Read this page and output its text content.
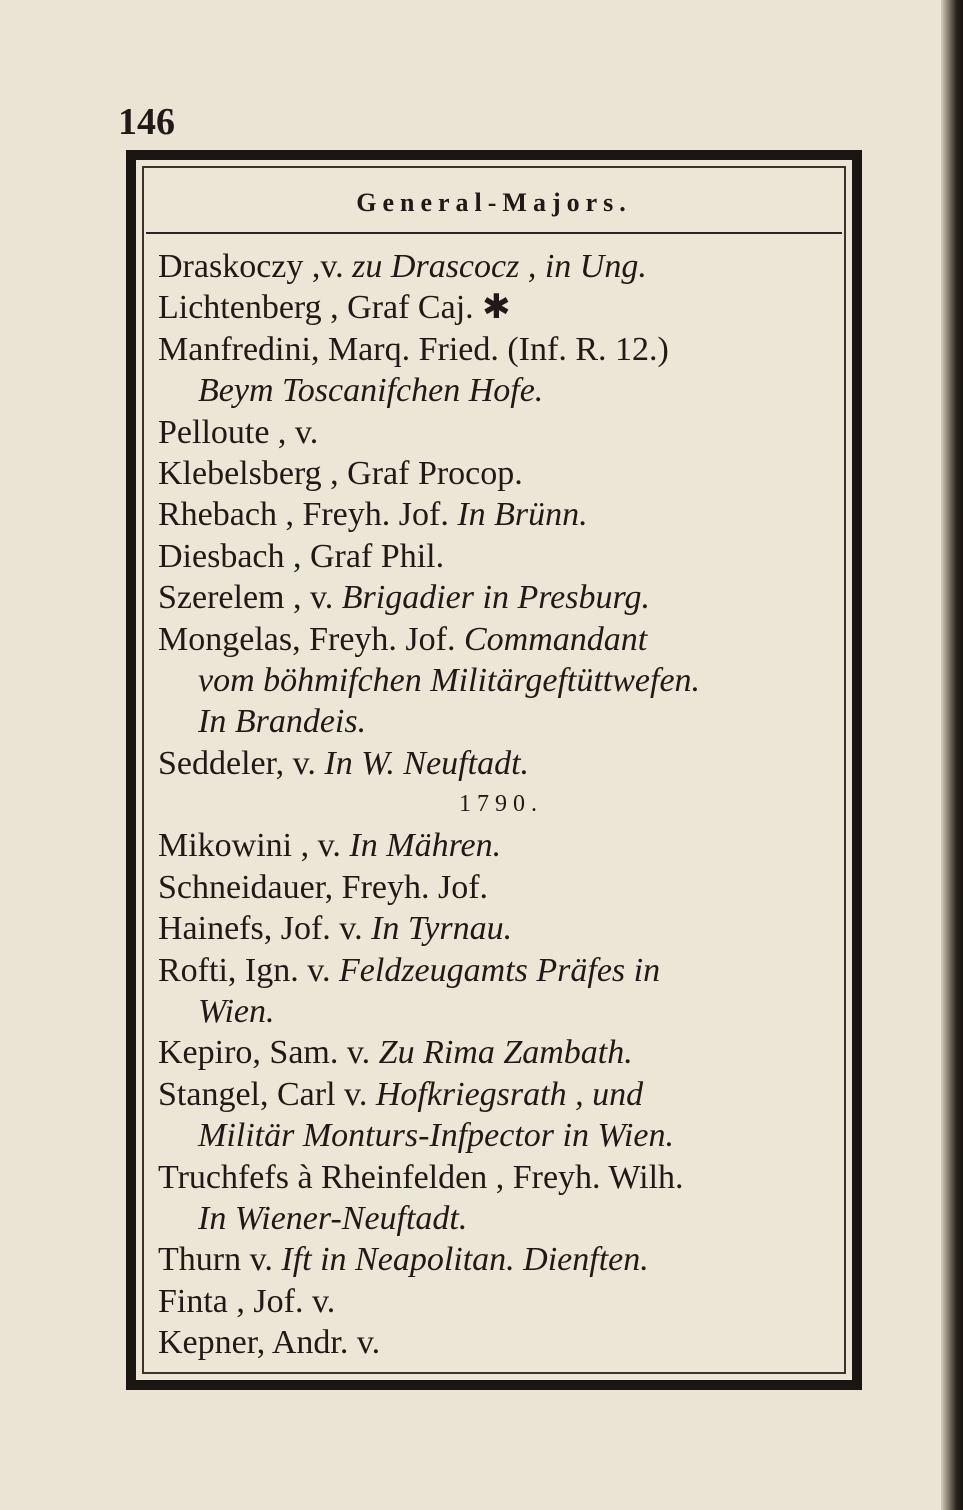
146
General-Majors.
Draskoczy ,v. zu Drascocz , in Ung.
Lichtenberg , Graf Caj. ✱
Manfredini, Marq. Fried. (Inf. R. 12.)
Beym Toscanifchen Hofe.
Pelloute , v.
Klebelsberg , Graf Procop.
Rhebach , Freyh. Jof. In Brünn.
Diesbach , Graf Phil.
Szerelem , v. Brigadier in Presburg.
Mongelas, Freyh. Jof. Commandant
vom böhmifchen Militärgeftüttwefen.
In Brandeis.
Seddeler, v. In W. Neuftadt.
1790.
Mikowini , v. In Mähren.
Schneidauer, Freyh. Jof.
Hainefs, Jof. v. In Tyrnau.
Rofti, Ign. v. Feldzeugamts Präfes in
Wien.
Kepiro, Sam. v. Zu Rima Zambath.
Stangel, Carl v. Hofkriegsrath , und
Militär Monturs-Infpector in Wien.
Truchfefs à Rheinfelden , Freyh. Wilh.
In Wiener-Neuftadt.
Thurn v. Ift in Neapolitan. Dienften.
Finta , Jof. v.
Kepner, Andr. v.
